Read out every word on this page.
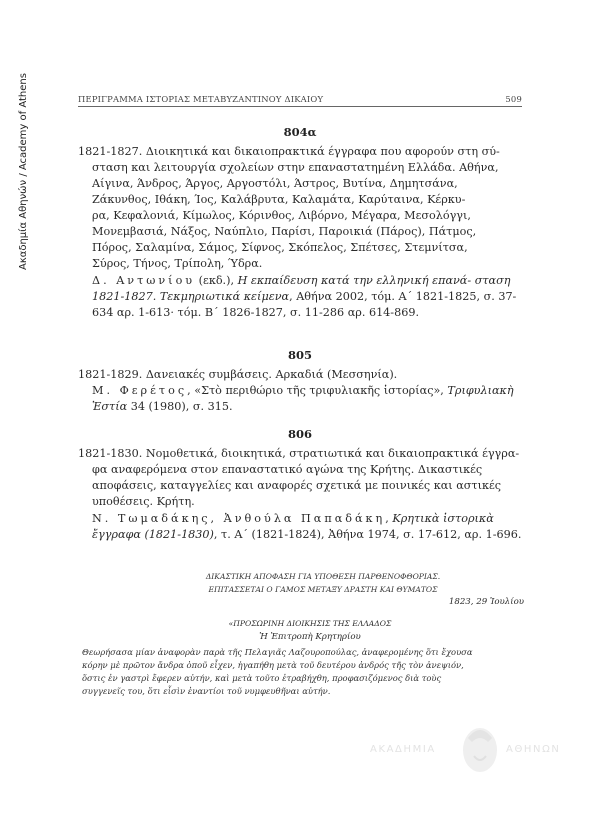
Ακαδημία Αθηνών / Academy of Athens	ΠΕΡΙΓΡΑΜΜΑ ΙΣΤΟΡΙΑΣ ΜΕΤΑΒΥΖΑΝΤΙΝΟΥ ΔΙΚΑΙΟΥ	509
804α

1821-1827. Διοικητικά και δικαιοπρακτικά έγγραφα που αφορούν στη σύ-

σταση και λειτουργία σχολείων στην επαναστατημένη Ελλάδα. Αθήνα,

Αίγινα, Άνδρος, Άργος, Αργοστόλι, Άστρος, Βυτίνα, Δημητσάνα,

Ζάκυνθος, Ιθάκη, Ίος, Καλάβρυτα, Καλαμάτα, Καρύταινα, Κέρκυ-

ρα, Κεφαλονιά, Κίμωλος, Κόρινθος, Λιβόρνο, Μέγαρα, Μεσολόγγι,

Μονεμβασιά, Νάξος, Ναύπλιο, Παρίσι, Παροικιά (Πάρος), Πάτμος,

Πόρος, Σαλαμίνα, Σάμος, Σίφνος, Σκόπελος, Σπέτσες, Στεμνίτσα,

Σύρος, Τήνος, Τρίπολη, Ύδρα.

Δ. Αντωνίου (εκδ.), Η εκπαίδευση κατά την ελληνική επανά- σταση 1821-1827. Τεκμηριωτικά κείμενα, Αθήνα 2002, τόμ. Α΄ 1821-1825, σ. 37-634 αρ. 1-613· τόμ. Β΄ 1826-1827, σ. 11-286 αρ. 614-869.

805

1821-1829. Δανειακές συμβάσεις. Αρκαδιά (Μεσσηνία).

Μ. Φερέτος, «Στὸ περιθώριο τῆς τριφυλιακῆς ἱστορίας», Τριφυλιακὴ Ἑστία 34 (1980), σ. 315.

806

1821-1830. Νομοθετικά, διοικητικά, στρατιωτικά και δικαιοπρακτικά έγγρα-

φα αναφερόμενα στον επαναστατικό αγώνα της Κρήτης. Δικαστικές

αποφάσεις, καταγγελίες και αναφορές σχετικά με ποινικές και αστικές

υποθέσεις. Κρήτη.

Ν. Τωμαδάκης, Ἀνθούλα Παπαδάκη, Κρητικὰ ἱστορικὰ ἔγγραφα (1821-1830), τ. Α΄ (1821-1824), Ἀθήνα 1974, σ. 17-612, αρ. 1-696.

ΔΙΚΑΣΤΙΚΗ ΑΠΟΦΑΣΗ ΓΙΑ ΥΠΟΘΕΣΗ ΠΑΡΘΕΝΟΦΘΟΡΙΑΣ.

ΕΠΙΤΑΣΣΕΤΑΙ Ο ΓΑΜΟΣ ΜΕΤΑΞΥ ΔΡΑΣΤΗ ΚΑΙ ΘΥΜΑΤΟΣ

1823, 29 Ἰουλίου

«ΠΡΟΣΩΡΙΝΗ ΔΙΟΙΚΗΣΙΣ ΤΗΣ ΕΛΛΑΔΟΣ

Ἡ Ἐπιτροπὴ Κρητηρίου

Θεωρήσασα μίαν ἀναφορὰν παρὰ τῆς Πελαγιᾶς Λαζουροπούλας, ἀναφερομένης ὅτι ἔχουσα

κόρην μὲ πρῶτον ἄνδρα ὁποῦ εἶχεν, ἡγαπήθη μετὰ τοῦ δευτέρου ἀνδρός τῆς τὸν ἀνεψιόν,

ὅστις ἐν γαστρὶ ἔφερεν αὐτήν, καὶ μετὰ τοῦτο ἐτραβήχθη, προφασιζόμενος διὰ τοὺς

συγγενεῖς του, ὅτι εἶσὶν ἐναντίοι τοῦ νυμφευθῆναι αὐτήν.

ΑΚΑΔΗΜΙΑ	ΑΘΗΝΩΝ
